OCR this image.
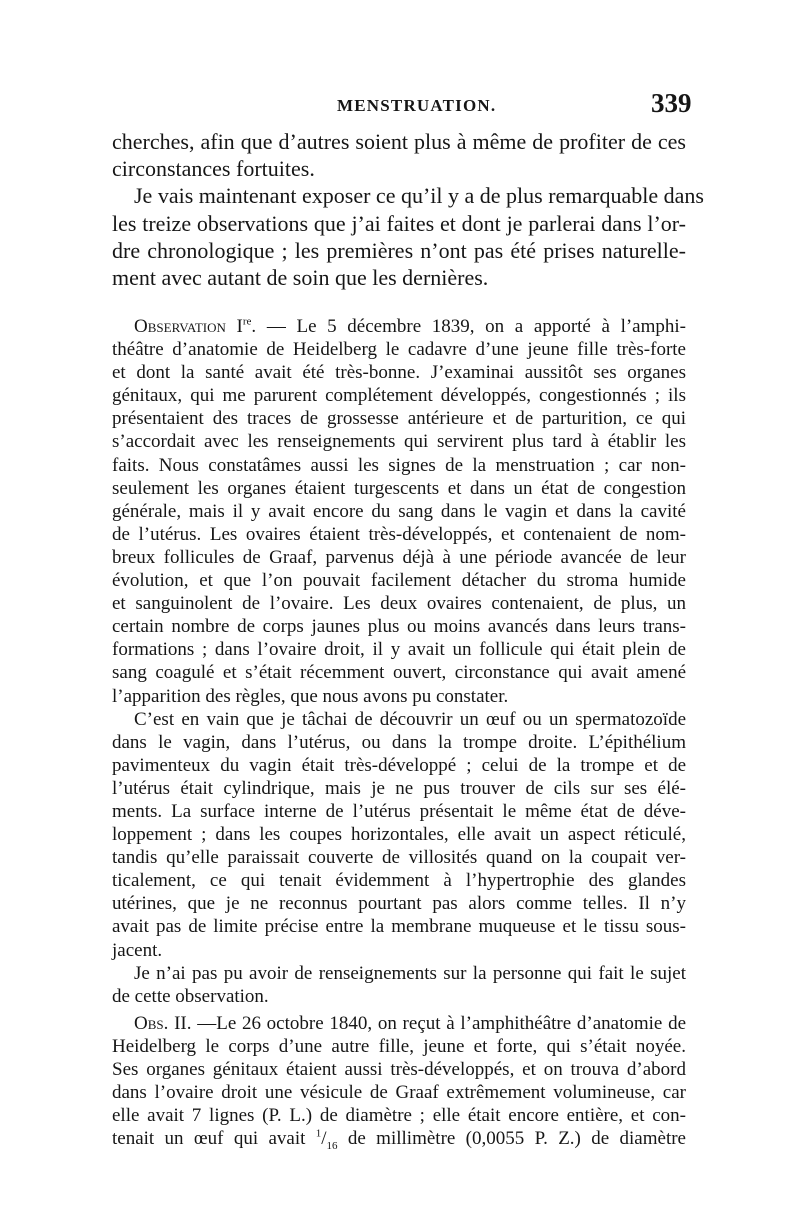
MENSTRUATION.	339

cherches, afin que d’autres soient plus à même de profiter de ces

circonstances fortuites.

Je vais maintenant exposer ce qu’il y a de plus remarquable dans

les treize observations que j’ai faites et dont je parlerai dans l’or-

dre chronologique ; les premières n’ont pas été prises naturelle-

ment avec autant de soin que les dernières.

Observation Ire. — Le 5 décembre 1839, on a apporté à l’amphi-

théâtre d’anatomie de Heidelberg le cadavre d’une jeune fille très-forte

et dont la santé avait été très-bonne. J’examinai aussitôt ses organes

génitaux, qui me parurent complétement développés, congestionnés ; ils

présentaient des traces de grossesse antérieure et de parturition, ce qui

s’accordait avec les renseignements qui servirent plus tard à établir les

faits. Nous constatâmes aussi les signes de la menstruation ; car non-

seulement les organes étaient turgescents et dans un état de congestion

générale, mais il y avait encore du sang dans le vagin et dans la cavité

de l’utérus. Les ovaires étaient très-développés, et contenaient de nom-

breux follicules de Graaf, parvenus déjà à une période avancée de leur

évolution, et que l’on pouvait facilement détacher du stroma humide

et sanguinolent de l’ovaire. Les deux ovaires contenaient, de plus, un

certain nombre de corps jaunes plus ou moins avancés dans leurs trans-

formations ; dans l’ovaire droit, il y avait un follicule qui était plein de

sang coagulé et s’était récemment ouvert, circonstance qui avait amené

l’apparition des règles, que nous avons pu constater.

C’est en vain que je tâchai de découvrir un œuf ou un spermatozoïde

dans le vagin, dans l’utérus, ou dans la trompe droite. L’épithélium

pavimenteux du vagin était très-développé ; celui de la trompe et de

l’utérus était cylindrique, mais je ne pus trouver de cils sur ses élé-

ments. La surface interne de l’utérus présentait le même état de déve-

loppement ; dans les coupes horizontales, elle avait un aspect réticulé,

tandis qu’elle paraissait couverte de villosités quand on la coupait ver-

ticalement, ce qui tenait évidemment à l’hypertrophie des glandes

utérines, que je ne reconnus pourtant pas alors comme telles. Il n’y

avait pas de limite précise entre la membrane muqueuse et le tissu sous-

jacent.

Je n’ai pas pu avoir de renseignements sur la personne qui fait le sujet

de cette observation.

Obs. II. —Le 26 octobre 1840, on reçut à l’amphithéâtre d’anatomie de

Heidelberg le corps d’une autre fille, jeune et forte, qui s’était noyée.

Ses organes génitaux étaient aussi très-développés, et on trouva d’abord

dans l’ovaire droit une vésicule de Graaf extrêmement volumineuse, car

elle avait 7 lignes (P. L.) de diamètre ; elle était encore entière, et con-

tenait un œuf qui avait $^1/_{16}$ de millimètre (0,0055 P. Z.) de diamètre
